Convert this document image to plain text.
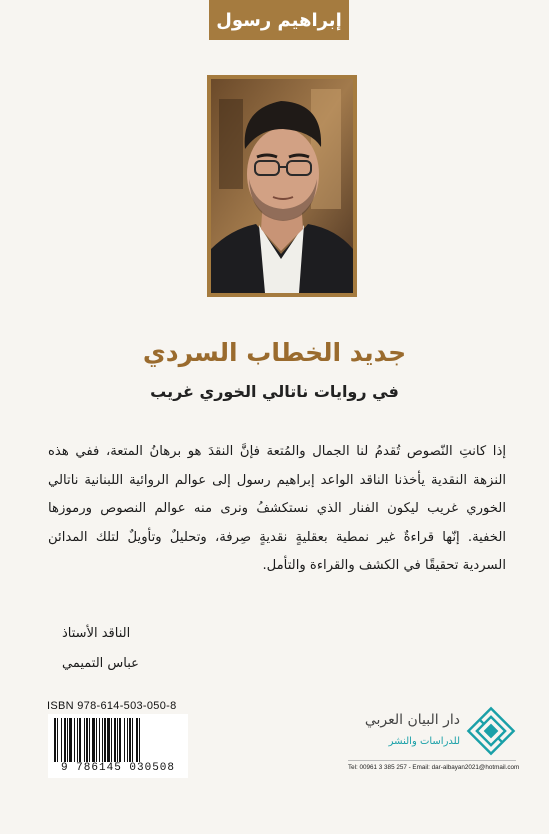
إبراهيم رسول
جديد الخطاب السردي
في روايات ناتالي الخوري غريب
إذا كانتِ النّصوص تُقدمُ لنا الجمال والمُتعة فإنَّ النقدَ هو برهانُ المتعة، ففي هذه النزهة النقدية يأخذنا الناقد الواعد إبراهيم رسول إلى عوالم الروائية اللبنانية ناتالي الخوري غريب ليكون الفنار الذي نستكشفُ ونرى منه عوالم النصوص ورموزها الخفية. إنّها قراءةٌ غير نمطية بعقليةٍ نقديةٍ صِرفة، وتحليلٌ وتأويلٌ لتلك المدائن السردية تحقيقًا في الكشف والقراءة والتأمل.
الناقد الأستاذ
عباس التميمي
ISBN 978-614-503-050-8
9 786145 030508
دار البيان العربي
للدراسات والنشر
Tel: 00961 3 385 257 - Email: dar-albayan2021@hotmail.com
